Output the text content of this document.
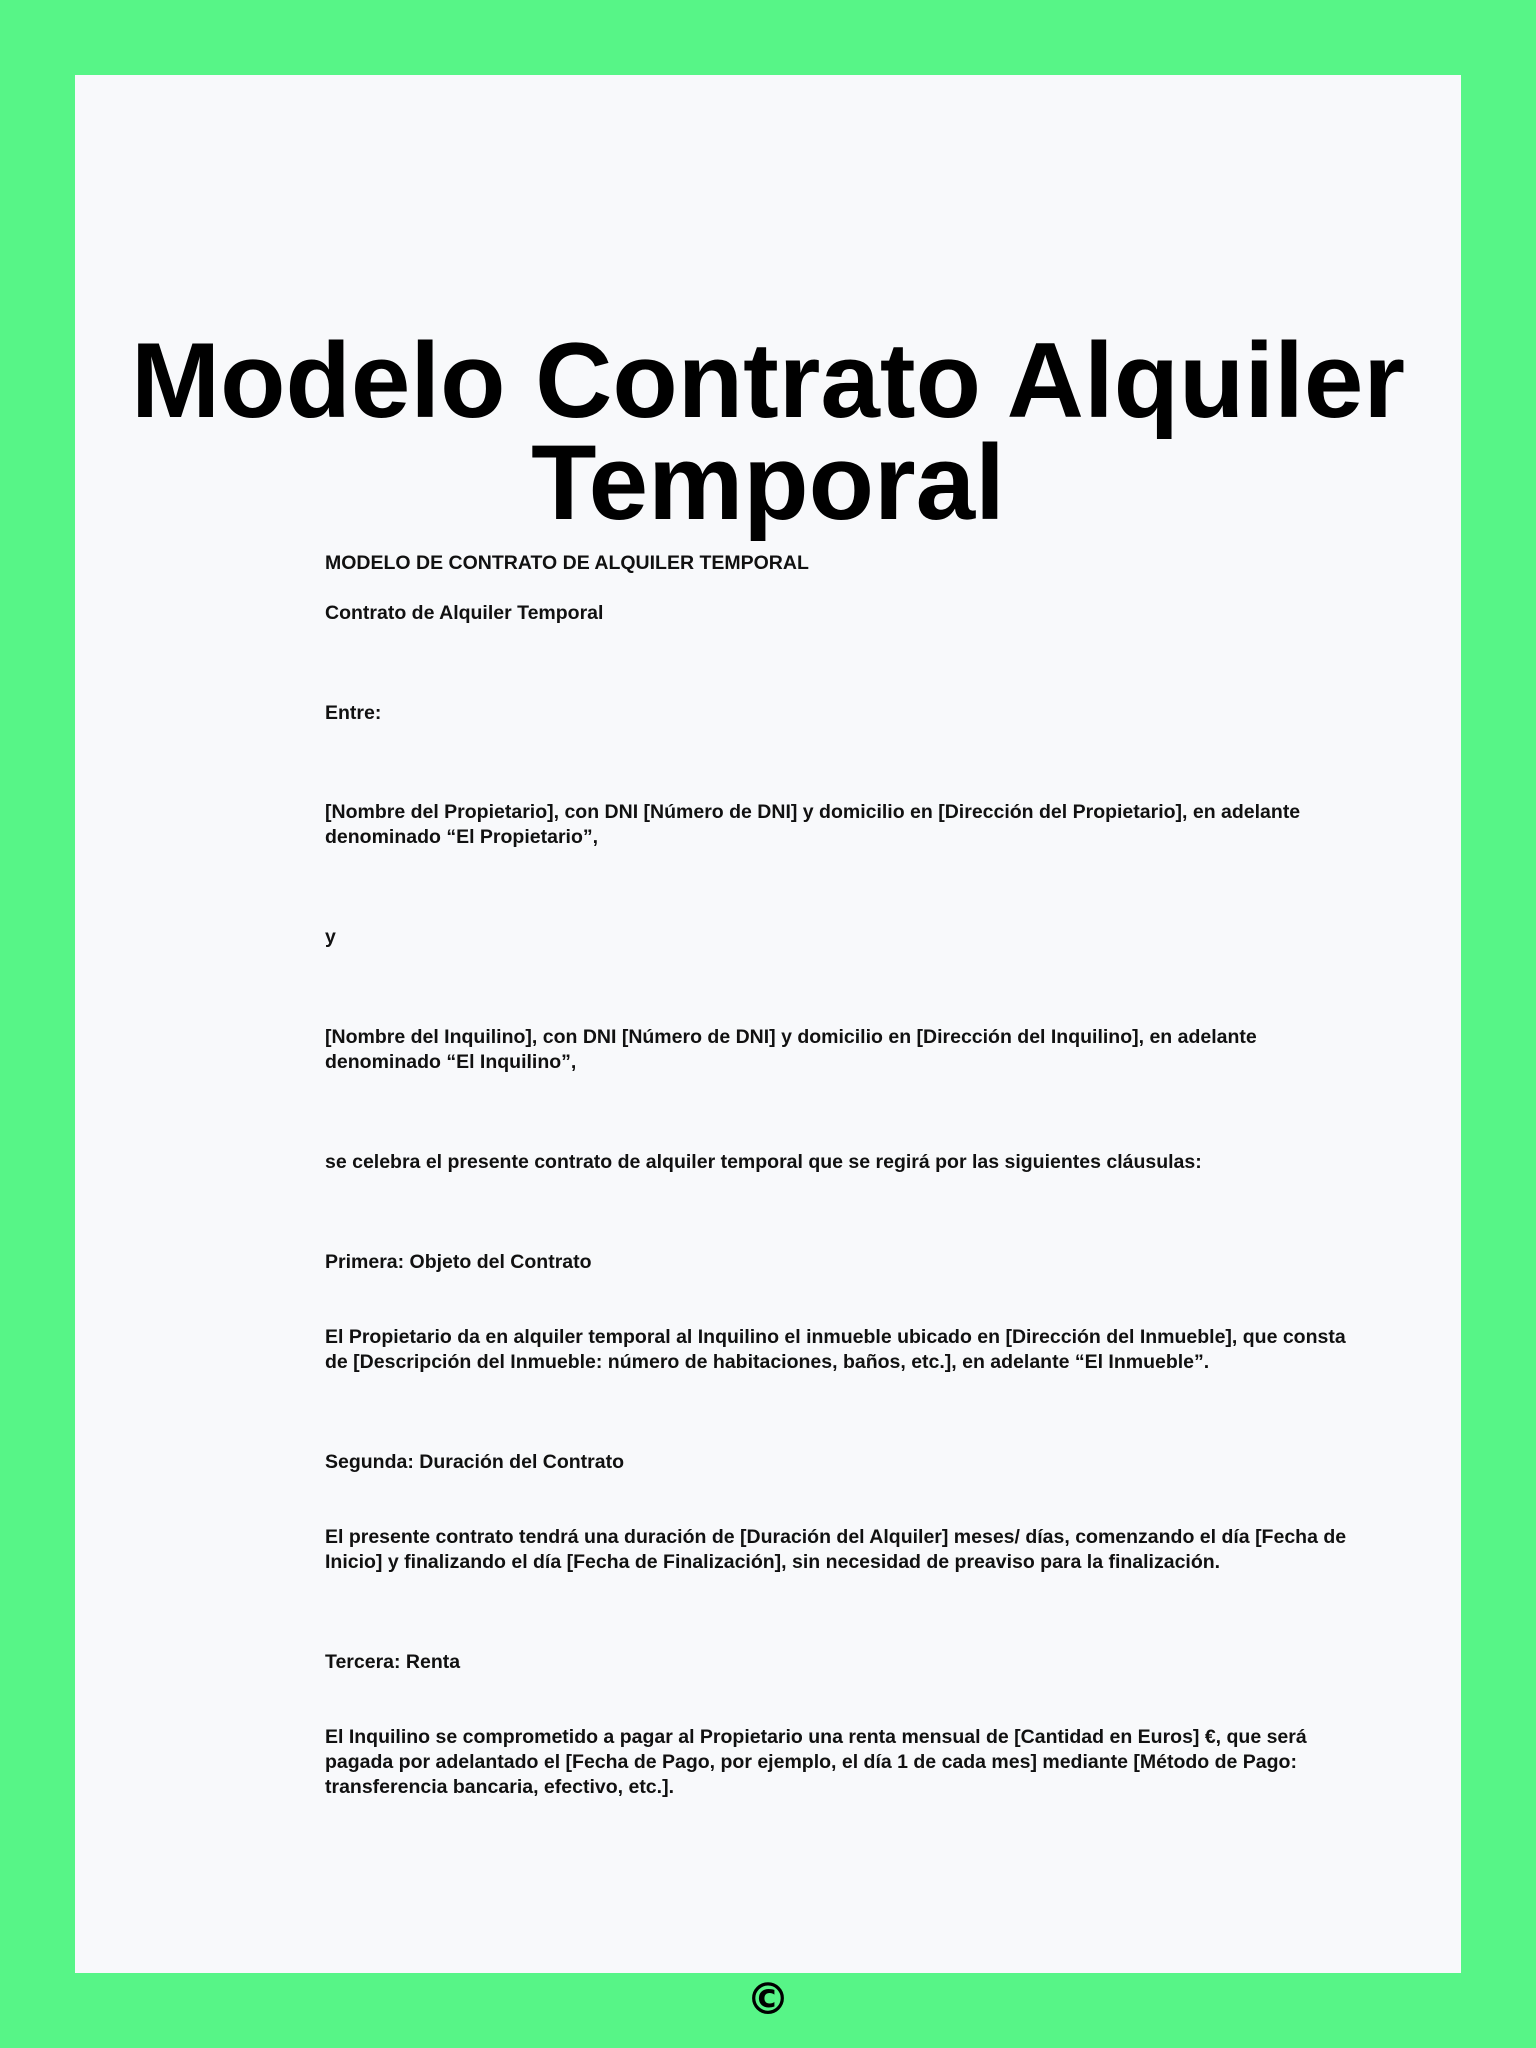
Modelo Contrato Alquiler
Temporal

MODELO DE CONTRATO DE ALQUILER TEMPORAL

Contrato de Alquiler Temporal

Entre:

[Nombre del Propietario], con DNI [Número de DNI] y domicilio en [Dirección del Propietario], en adelante denominado “El Propietario”,

y

[Nombre del Inquilino], con DNI [Número de DNI] y domicilio en [Dirección del Inquilino], en adelante denominado “El Inquilino”,

se celebra el presente contrato de alquiler temporal que se regirá por las siguientes cláusulas:

Primera: Objeto del Contrato

El Propietario da en alquiler temporal al Inquilino el inmueble ubicado en [Dirección del Inmueble], que consta de [Descripción del Inmueble: número de habitaciones, baños, etc.], en adelante “El Inmueble”.

Segunda: Duración del Contrato

El presente contrato tendrá una duración de [Duración del Alquiler] meses/ días, comenzando el día [Fecha de Inicio] y finalizando el día [Fecha de Finalización], sin necesidad de preaviso para la finalización.

Tercera: Renta

El Inquilino se comprometido a pagar al Propietario una renta mensual de [Cantidad en Euros] €, que será pagada por adelantado el [Fecha de Pago, por ejemplo, el día 1 de cada mes] mediante [Método de Pago: transferencia bancaria, efectivo, etc.].

©
